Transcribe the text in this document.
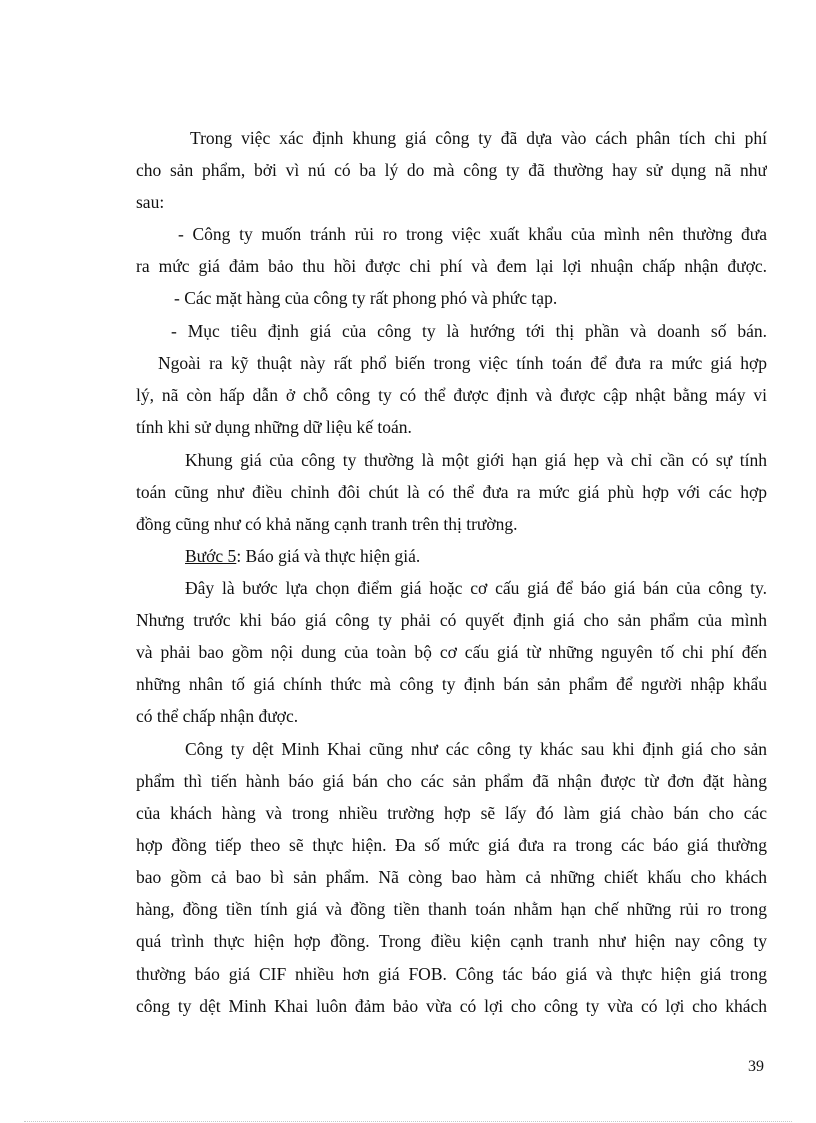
Trong việc xác định khung giá công ty đã dựa vào cách phân tích chi phí
cho sản phẩm, bởi vì nú có ba lý do mà công ty đã thường hay sử dụng nã như
sau:
- Công ty muốn tránh rủi ro trong việc xuất khẩu của mình nên thường đưa
ra mức giá đảm bảo thu hồi được chi phí và đem lại lợi nhuận chấp nhận được.
- Các mặt hàng của công ty rất phong phó và phức tạp.
- Mục tiêu định giá của công ty là hướng tới thị phần và doanh số bán.
Ngoài ra kỹ thuật này rất phổ biến trong việc tính toán để đưa ra mức giá hợp
lý, nã còn hấp dẫn ở chỗ công ty có thể được định và được cập nhật bằng máy vi
tính khi sử dụng những dữ liệu kế toán.
Khung giá của công ty thường là một giới hạn giá hẹp và chỉ cần có sự tính
toán cũng như điều chỉnh đôi chút là có thể đưa ra mức giá phù hợp với các hợp
đồng cũng như có khả năng cạnh tranh trên thị trường.
Bước 5: Báo giá và thực hiện giá.
Đây là bước lựa chọn điểm giá hoặc cơ cấu giá để báo giá bán của công ty.
Nhưng trước khi báo giá công ty phải có quyết định giá cho sản phẩm của mình
và phải bao gồm nội dung của toàn bộ cơ cấu giá từ những nguyên tố chi phí đến
những nhân tố giá chính thức mà công ty định bán sản phẩm để người nhập khẩu
có thể chấp nhận được.
Công ty dệt Minh Khai cũng như các công ty khác sau khi định giá cho sản
phẩm thì tiến hành báo giá bán cho các sản phẩm đã nhận được từ đơn đặt hàng
của khách hàng và trong nhiều trường hợp sẽ lấy đó làm giá chào bán cho các
hợp đồng tiếp theo sẽ thực hiện. Đa số mức giá đưa ra trong các báo giá thường
bao gồm cả bao bì sản phẩm. Nã còng bao hàm cả những chiết khấu cho khách
hàng, đồng tiền tính giá và đồng tiền thanh toán nhằm hạn chế những rủi ro trong
quá trình thực hiện hợp đồng. Trong điều kiện cạnh tranh như hiện nay công ty
thường báo giá CIF nhiều hơn giá FOB. Công tác báo giá và thực hiện giá trong
công ty dệt Minh Khai luôn đảm bảo vừa có lợi cho công ty vừa có lợi cho khách
39
